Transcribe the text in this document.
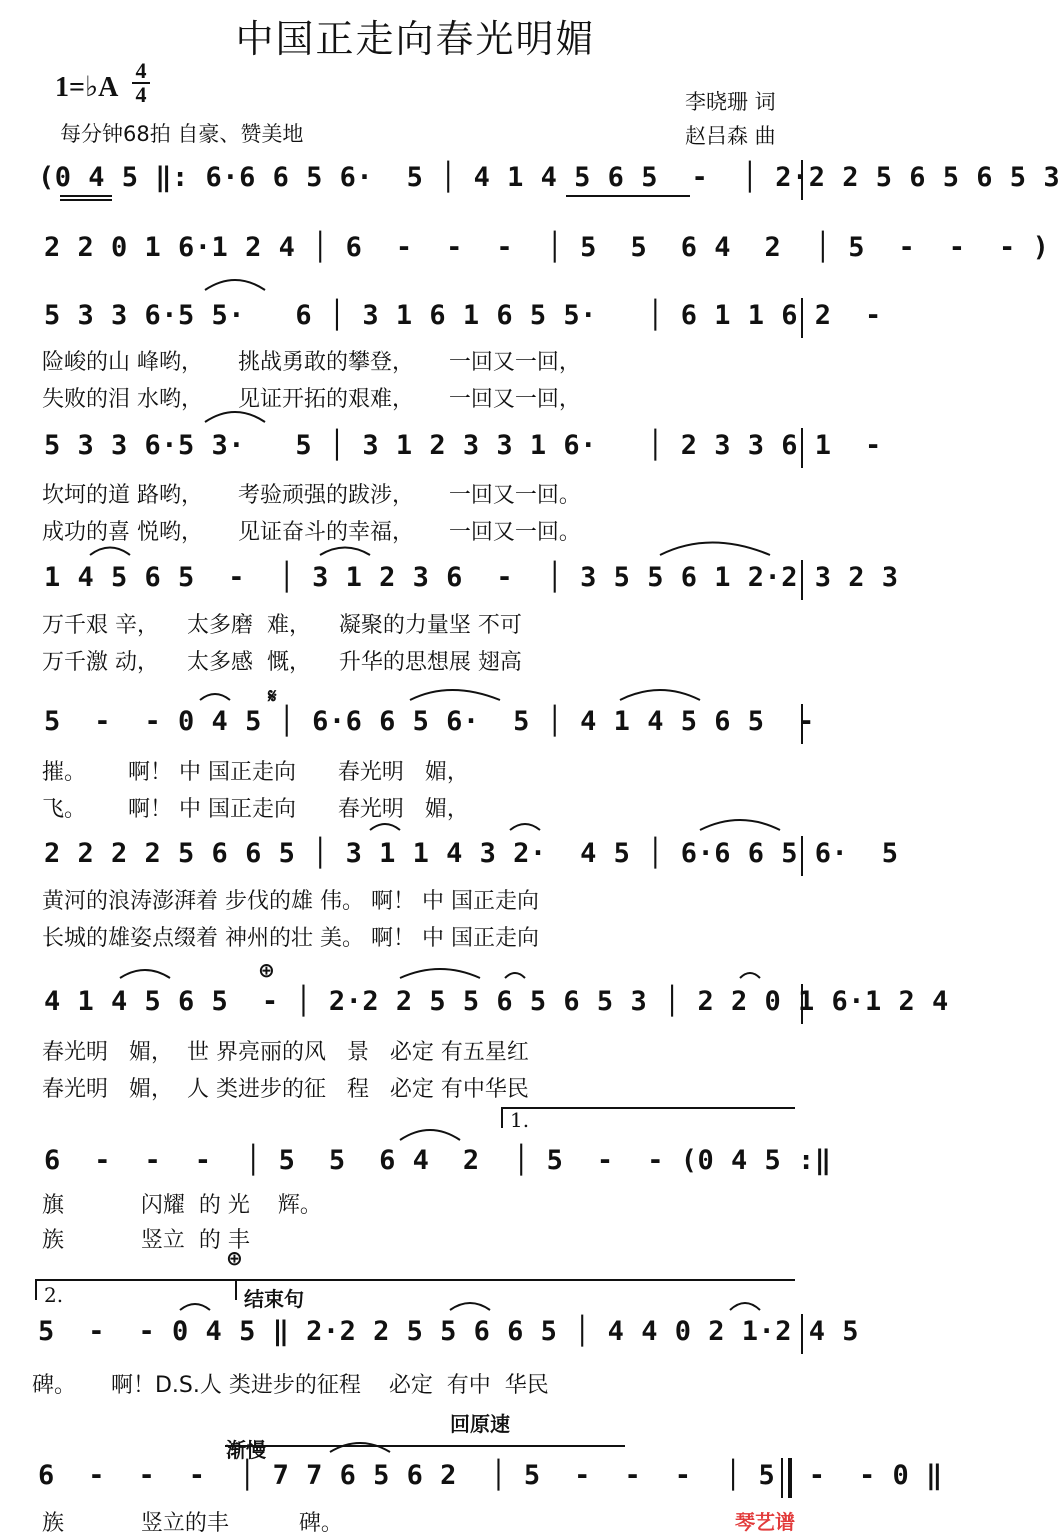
中国正走向春光明媚
1=♭A
4
4
每分钟68拍 自豪、赞美地
李晓珊 词
赵吕森 曲
(0 4 5 ‖: 6·6 6 5 6·  5 │ 4 1 4 5 6 5  -  │ 2·2 2 5 6 5 6 5 3
2 2 0 1 6·1 2 4 │ 6  -  -  -  │ 5  5  6 4  2  │ 5  -  -  - )
5 3 3 6·5 5·   6 │ 3 1 6 1 6 5 5·   │ 6 1 1 6 2  -
险峻的山 峰哟，     挑战勇敢的攀登，     一回又一回，
失败的泪 水哟，     见证开拓的艰难，     一回又一回，
5 3 3 6·5 3·   5 │ 3 1 2 3 3 1 6·   │ 2 3 3 6 1  -
坎坷的道 路哟，     考验顽强的跋涉，     一回又一回。
成功的喜 悦哟，     见证奋斗的幸福，     一回又一回。
1 4 5 6 5  -  │ 3 1 2 3 6  -  │ 3 5 5 6 1 2·2 3 2 3
万千艰 辛，    太多磨  难，    凝聚的力量坚 不可
万千激 动，    太多感  慨，    升华的思想展 翅高
5  -  - 0 4 5 │ 6·6 6 5 6·  5 │ 4 1 4 5 6 5  -
摧。      啊！ 中 国正走向      春光明   媚，
飞。      啊！ 中 国正走向      春光明   媚，
2 2 2 2 5 6 6 5 │ 3 1 1 4 3 2·  4 5 │ 6·6 6 5 6·  5
黄河的浪涛澎湃着 步伐的雄 伟。 啊！ 中 国正走向
长城的雄姿点缀着 神州的壮 美。 啊！ 中 国正走向
4 1 4 5 6 5  - │ 2·2 2 5 5 6 5 6 5 3 │ 2 2 0 1 6·1 2 4
春光明   媚，  世 界亮丽的风   景   必定 有五星红
春光明   媚，  人 类进步的征   程   必定 有中华民
6  -  -  -  │ 5  5  6 4  2  │ 5  -  - (0 4 5 :‖
旗           闪耀  的 光    辉。
族           竖立  的 丰
5  -  - 0 4 5 ‖ 2·2 2 5 5 6 6 5 │ 4 4 0 2 1·2 4 5
碑。     啊！D.S.人 类进步的征程    必定  有中  华民
6  -  -  -  │ 7 7 6 5 6 2  │ 5  -  -  -  │ 5  -  - 0 ‖
族           竖立的丰          碑。
𝄋
⊕
⊕
1.
2.	结束句
渐慢
回原速
琴艺谱
